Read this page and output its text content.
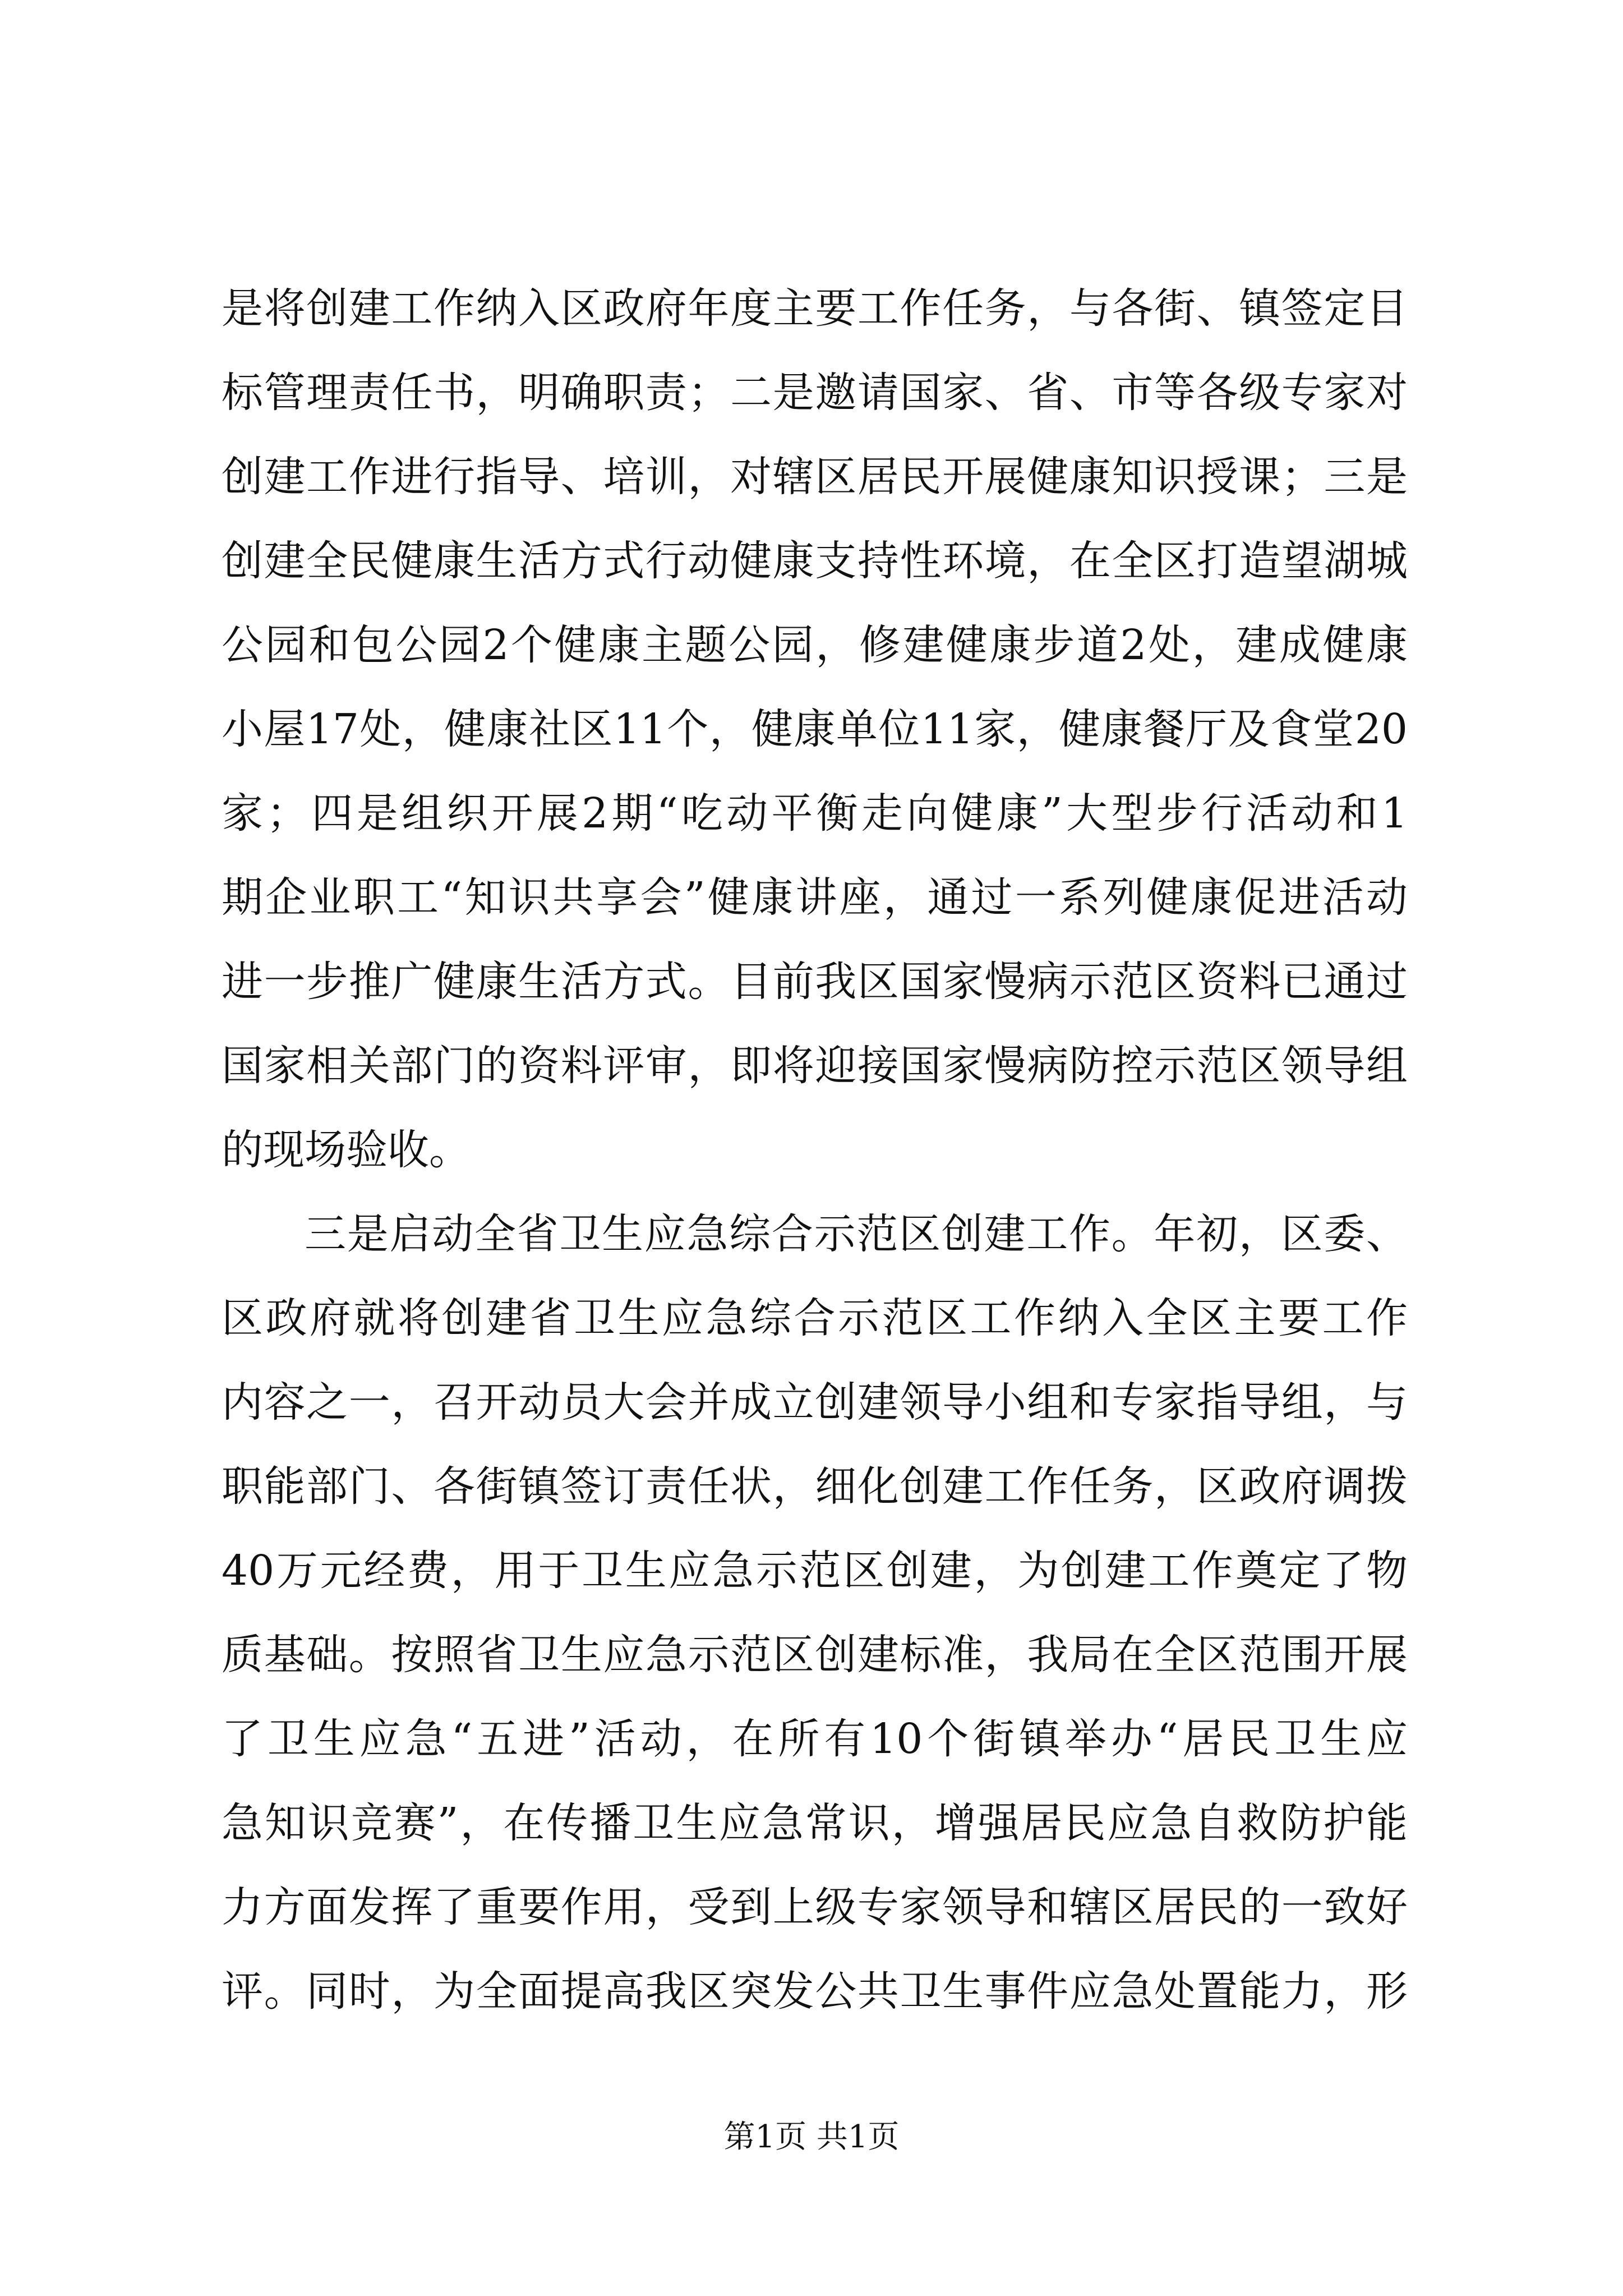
是将创建工作纳入区政府年度主要工作任务，与各街、镇签定目
标管理责任书，明确职责；二是邀请国家、省、市等各级专家对
创建工作进行指导、培训，对辖区居民开展健康知识授课；三是
创建全民健康生活方式行动健康支持性环境，在全区打造望湖城
公园和包公园2个健康主题公园，修建健康步道2处，建成健康
小屋17处，健康社区11个，健康单位11家，健康餐厅及食堂20
家；四是组织开展2期“吃动平衡走向健康”大型步行活动和1
期企业职工“知识共享会”健康讲座，通过一系列健康促进活动
进一步推广健康生活方式。目前我区国家慢病示范区资料已通过
国家相关部门的资料评审，即将迎接国家慢病防控示范区领导组
的现场验收。
三是启动全省卫生应急综合示范区创建工作。年初，区委、
区政府就将创建省卫生应急综合示范区工作纳入全区主要工作
内容之一，召开动员大会并成立创建领导小组和专家指导组，与
职能部门、各街镇签订责任状，细化创建工作任务，区政府调拨
40万元经费，用于卫生应急示范区创建，为创建工作奠定了物
质基础。按照省卫生应急示范区创建标准，我局在全区范围开展
了卫生应急“五进”活动，在所有10个街镇举办“居民卫生应
急知识竞赛”，在传播卫生应急常识，增强居民应急自救防护能
力方面发挥了重要作用，受到上级专家领导和辖区居民的一致好
评。同时，为全面提高我区突发公共卫生事件应急处置能力，形
第1页 共1页
